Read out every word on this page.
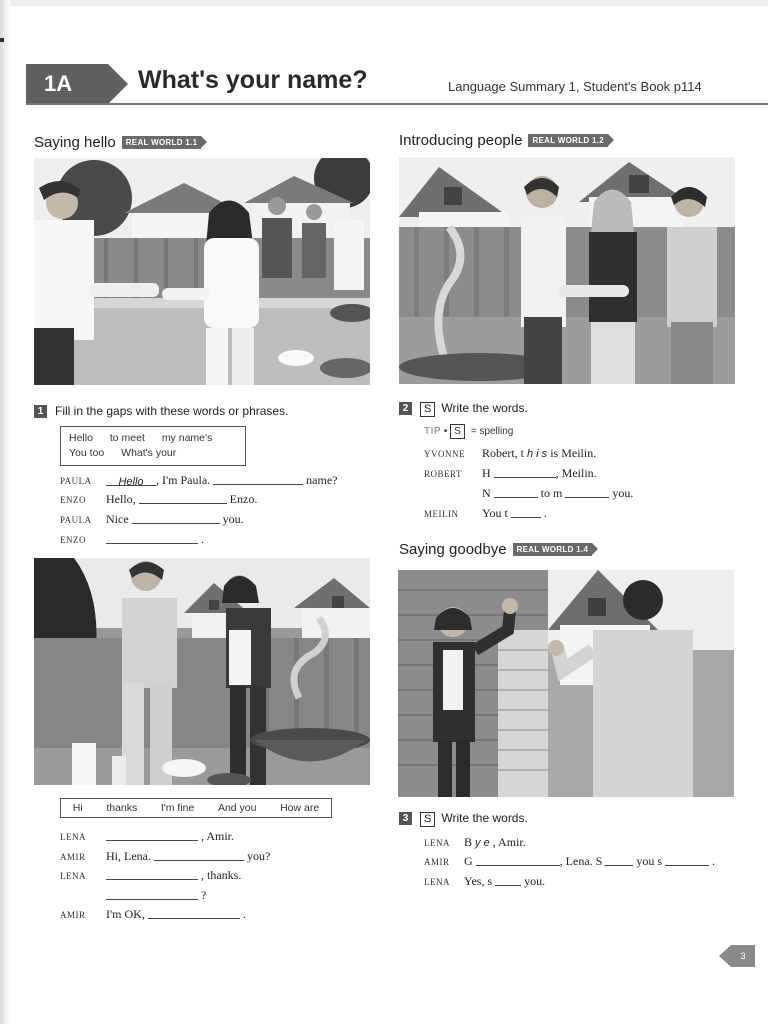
1A	What's your name?	Language Summary 1, Student's Book p114
Saying hello REAL WORLD 1.1	Introducing people REAL WORLD 1.2
Saying goodbye REAL WORLD 1.4
1 Fill in the gaps with these words or phrases.
Hello to meet my name's
You too What's your
PAULA Hello , I'm Paula.	name?
ENZO Hello,	Enzo.
PAULA Nice	you.
ENZO	.
Hi thanks I'm fine And you How are
LENA	, Amir.
AMIR Hi, Lena.	you?
LENA	, thanks.
?
AMIR I'm OK,	.
2 S Write the words.
TIP • S = spelling
YVONNE Robert, t h i s is Meilin.
ROBERT H	, Meilin.
N	to m	you.
MEILIN You t	.
3 S Write the words.
LENA B y e , Amir.
AMIR G	, Lena. S	you s	.
LENA Yes, s	you.
3
